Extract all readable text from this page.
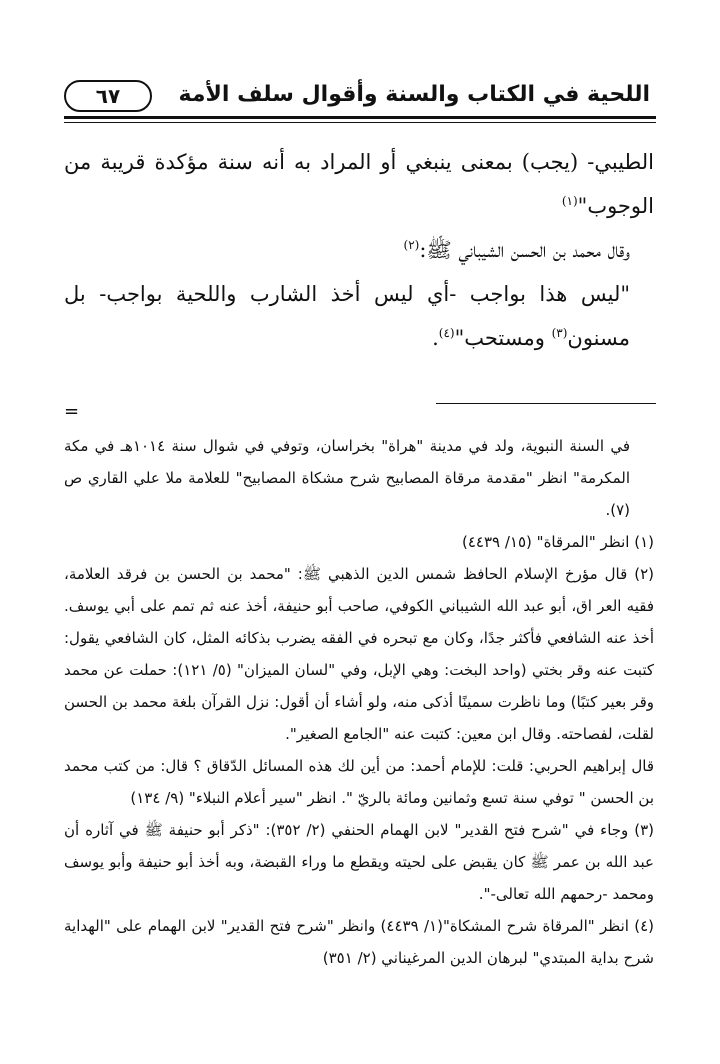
اللحية في الكتاب والسنة وأقوال سلف الأمة
٦٧

الطيبي- (يجب) بمعنى ينبغي أو المراد به أنه سنة مؤكدة قريبة من الوجوب"$^{(١)}$

وقال محمد بن الحسن الشيباني ﷺ:$^{(٢)}$

"ليس هذا بواجب -أي ليس أخذ الشارب واللحية بواجب- بل مسنون$^{(٣)}$ ومستحب"$^{(٤)}$.

=

في السنة النبوية، ولد في مدينة "هراة" بخراسان، وتوفي في شوال سنة ١٠١٤هـ في مكة المكرمة" انظر "مقدمة مرقاة المصابيح شرح مشكاة المصابيح" للعلامة ملا علي القاري ص (٧).

(١) انظر "المرقاة" (١٥/ ٤٤٣٩)

(٢) قال مؤرخ الإسلام الحافظ شمس الدين الذهبي ﷺ: "محمد بن الحسن بن فرقد العلامة، فقيه العر اق، أبو عبد الله الشيباني الكوفي، صاحب أبو حنيفة، أخذ عنه ثم تمم على أبي يوسف. أخذ عنه الشافعي فأكثر جدًا، وكان مع تبحره في الفقه يضرب بذكائه المثل، كان الشافعي يقول: كتبت عنه وقر بختي (واحد البخت: وهي الإبل، وفي "لسان الميزان" (٥/ ١٢١): حملت عن محمد وقر بعير كتبًا) وما ناظرت سمينًا أذكى منه، ولو أشاء أن أقول: نزل القرآن بلغة محمد بن الحسن لقلت، لفصاحته. وقال ابن معين: كتبت عنه "الجامع الصغير".

قال إبراهيم الحربي: قلت: للإمام أحمد: من أين لك هذه المسائل الدّقاق ؟ قال: من كتب محمد بن الحسن " توفي سنة تسع وثمانين ومائة بالريّ ". انظر "سير أعلام النبلاء" (٩/ ١٣٤)

(٣) وجاء في "شرح فتح القدير" لابن الهمام الحنفي (٢/ ٣٥٢): "ذكر أبو حنيفة ﷺ في آثاره أن عبد الله بن عمر ﷺ كان يقبض على لحيته ويقطع ما وراء القبضة، وبه أخذ أبو حنيفة وأبو يوسف ومحمد -رحمهم الله تعالى-".

(٤) انظر "المرقاة شرح المشكاة"(١/ ٤٤٣٩) وانظر "شرح فتح القدير" لابن الهمام على "الهداية شرح بداية المبتدي" لبرهان الدين المرغيناني (٢/ ٣٥١)
